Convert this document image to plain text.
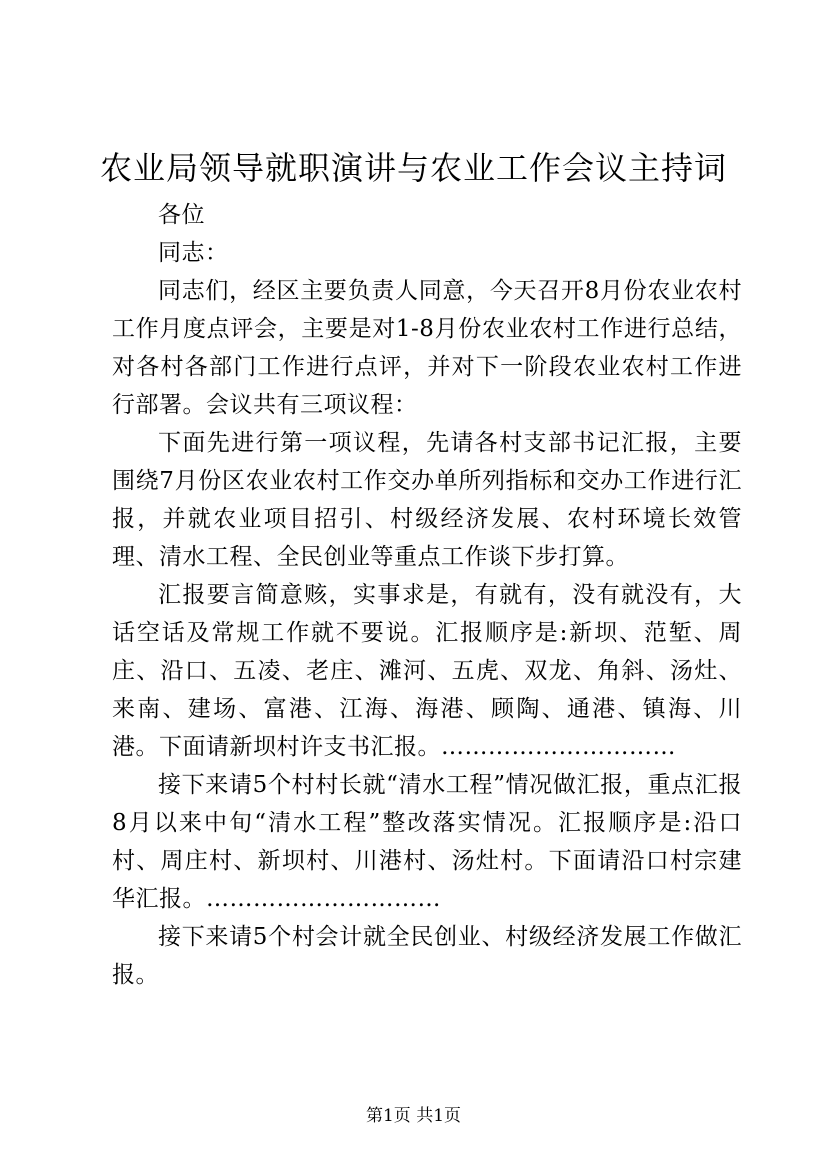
农业局领导就职演讲与农业工作会议主持词

各位

同志：

同志们，经区主要负责人同意，今天召开8月份农业农村工作月度点评会，主要是对1-8月份农业农村工作进行总结，对各村各部门工作进行点评，并对下一阶段农业农村工作进行部署。会议共有三项议程：

下面先进行第一项议程，先请各村支部书记汇报，主要围绕7月份区农业农村工作交办单所列指标和交办工作进行汇报，并就农业项目招引、村级经济发展、农村环境长效管理、清水工程、全民创业等重点工作谈下步打算。

汇报要言简意赅，实事求是，有就有，没有就没有，大话空话及常规工作就不要说。汇报顺序是:新坝、范堑、周庄、沿口、五凌、老庄、滩河、五虎、双龙、角斜、汤灶、来南、建场、富港、江海、海港、顾陶、通港、镇海、川港。下面请新坝村许支书汇报。…………………………

接下来请5个村村长就“清水工程”情况做汇报，重点汇报8月以来中旬“清水工程”整改落实情况。汇报顺序是:沿口村、周庄村、新坝村、川港村、汤灶村。下面请沿口村宗建华汇报。…………………………

接下来请5个村会计就全民创业、村级经济发展工作做汇报。

第1页 共1页
